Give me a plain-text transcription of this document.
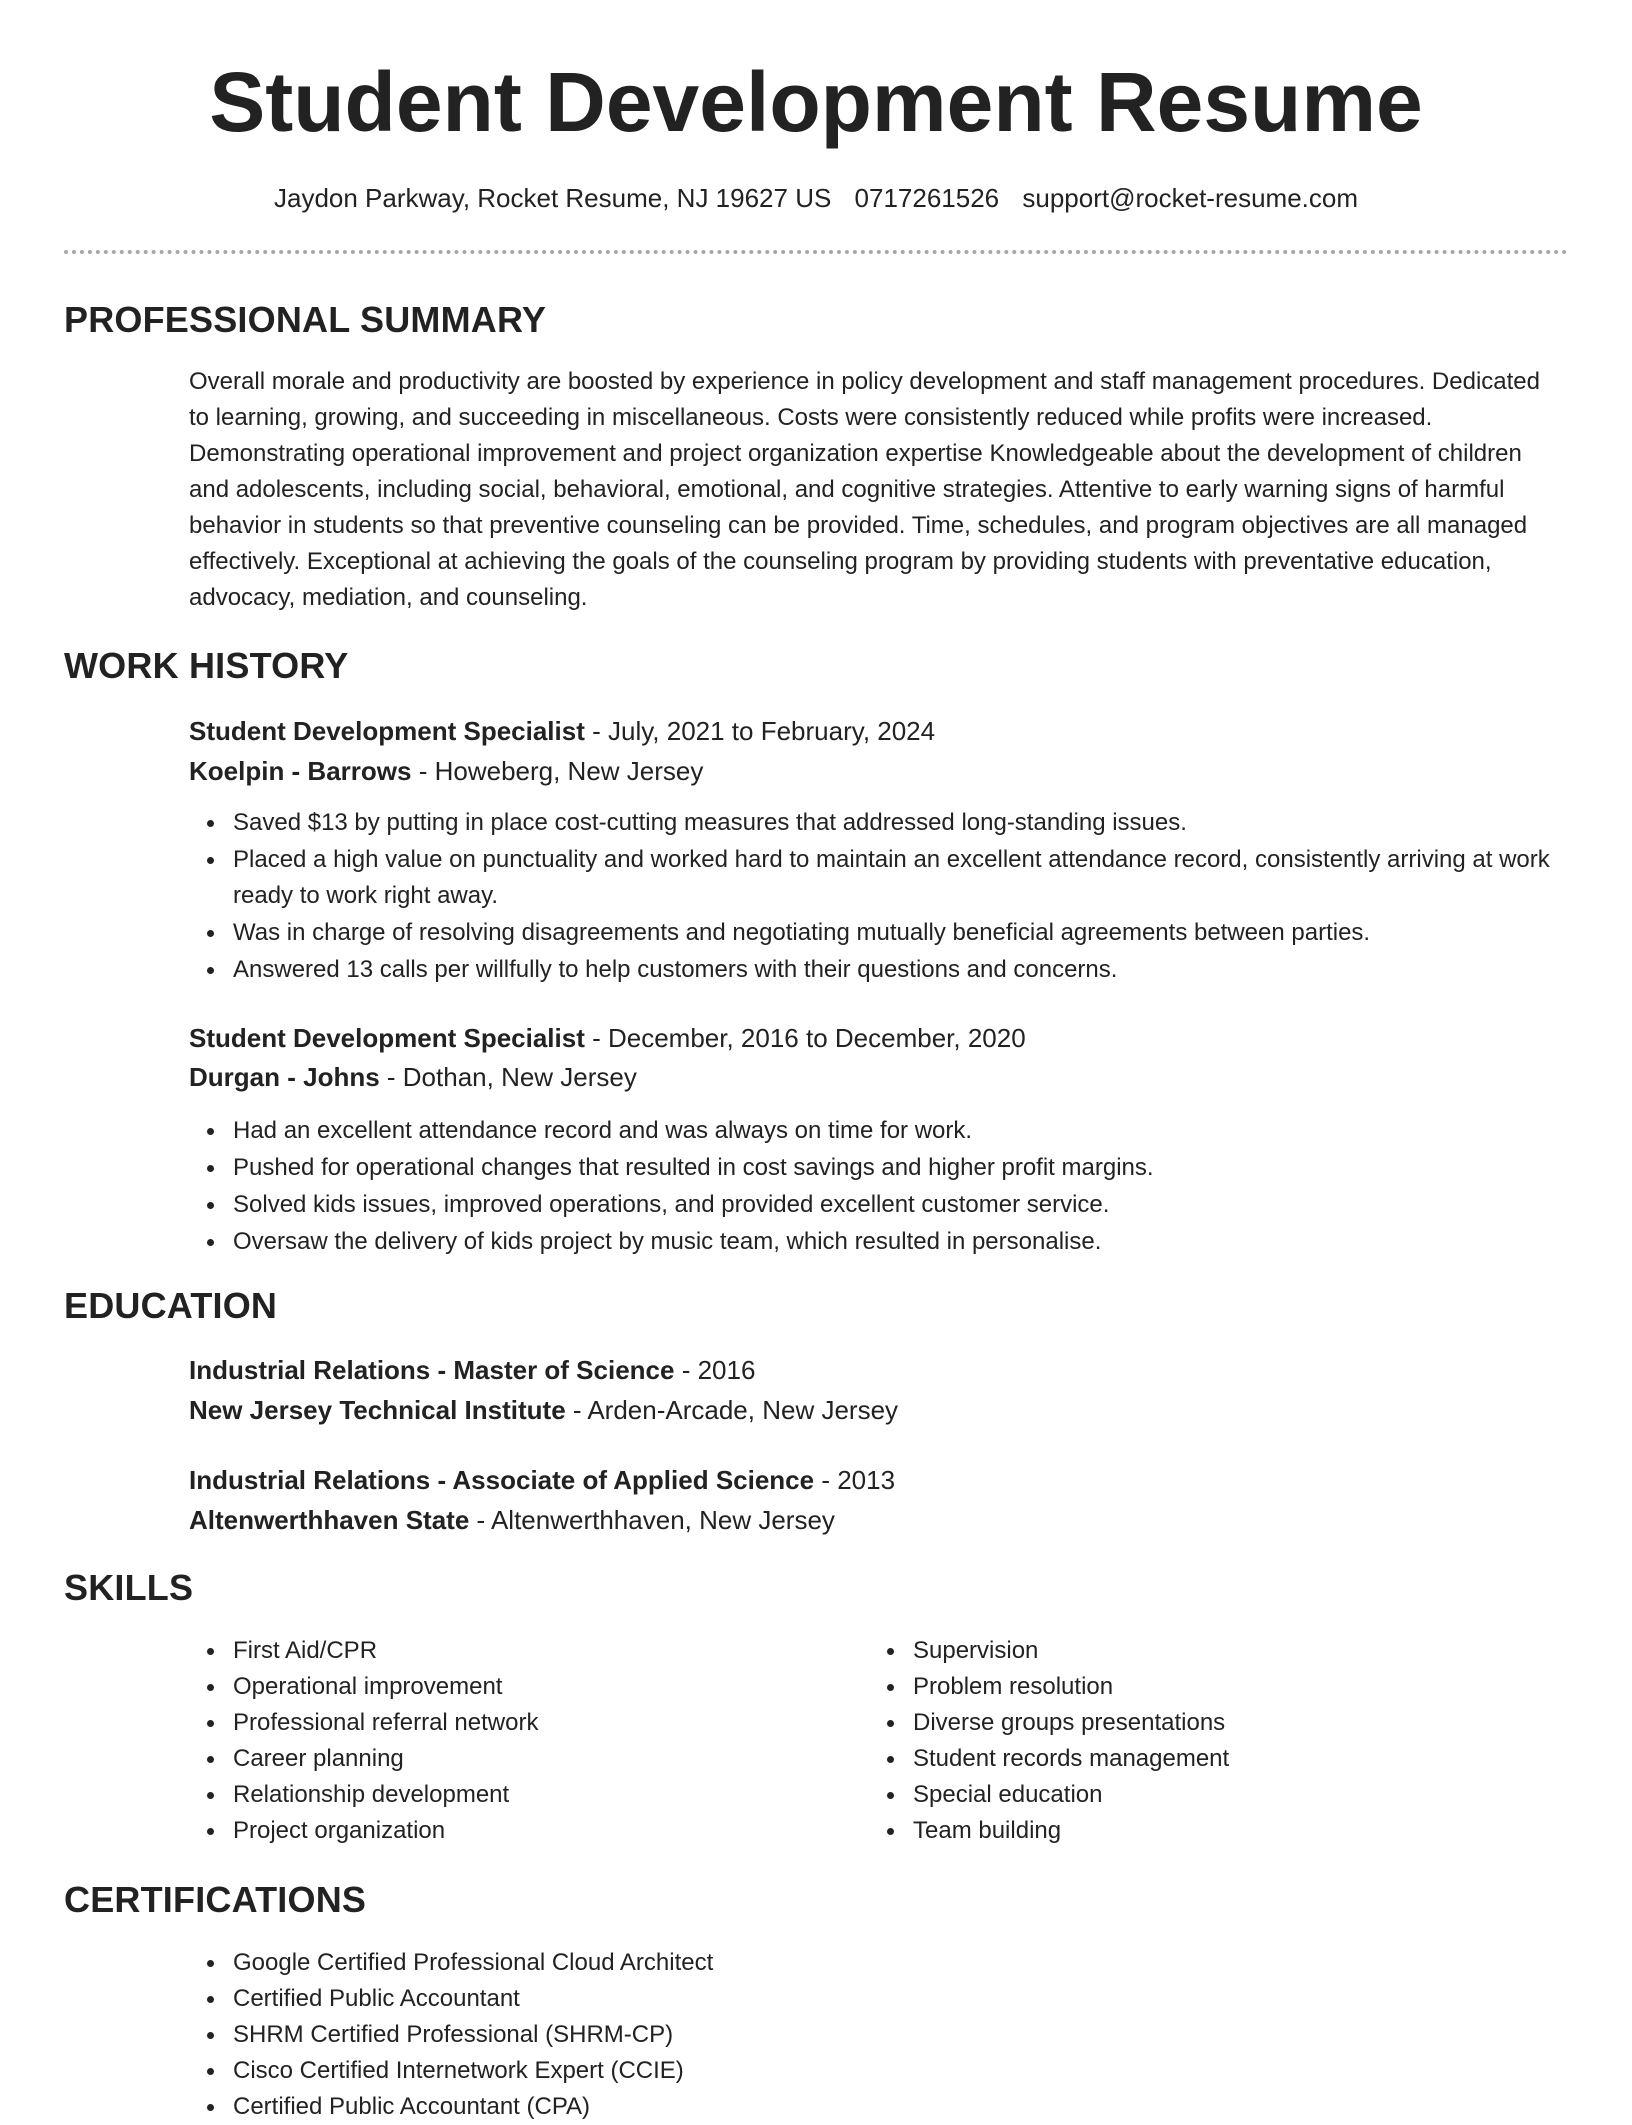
Student Development Resume
Jaydon Parkway, Rocket Resume, NJ 19627 US 0717261526 support@rocket-resume.com
PROFESSIONAL SUMMARY
Overall morale and productivity are boosted by experience in policy development and staff management procedures. Dedicated to learning, growing, and succeeding in miscellaneous. Costs were consistently reduced while profits were increased. Demonstrating operational improvement and project organization expertise Knowledgeable about the development of children and adolescents, including social, behavioral, emotional, and cognitive strategies. Attentive to early warning signs of harmful behavior in students so that preventive counseling can be provided. Time, schedules, and program objectives are all managed effectively. Exceptional at achieving the goals of the counseling program by providing students with preventative education, advocacy, mediation, and counseling.
WORK HISTORY
Student Development Specialist - July, 2021 to February, 2024
Koelpin - Barrows - Howeberg, New Jersey
Saved $13 by putting in place cost-cutting measures that addressed long-standing issues.
Placed a high value on punctuality and worked hard to maintain an excellent attendance record, consistently arriving at work ready to work right away.
Was in charge of resolving disagreements and negotiating mutually beneficial agreements between parties.
Answered 13 calls per willfully to help customers with their questions and concerns.
Student Development Specialist - December, 2016 to December, 2020
Durgan - Johns - Dothan, New Jersey
Had an excellent attendance record and was always on time for work.
Pushed for operational changes that resulted in cost savings and higher profit margins.
Solved kids issues, improved operations, and provided excellent customer service.
Oversaw the delivery of kids project by music team, which resulted in personalise.
EDUCATION
Industrial Relations - Master of Science - 2016
New Jersey Technical Institute - Arden-Arcade, New Jersey
Industrial Relations - Associate of Applied Science - 2013
Altenwerthhaven State - Altenwerthhaven, New Jersey
SKILLS
First Aid/CPR
Operational improvement
Professional referral network
Career planning
Relationship development
Project organization
Supervision
Problem resolution
Diverse groups presentations
Student records management
Special education
Team building
CERTIFICATIONS
Google Certified Professional Cloud Architect
Certified Public Accountant
SHRM Certified Professional (SHRM-CP)
Cisco Certified Internetwork Expert (CCIE)
Certified Public Accountant (CPA)
